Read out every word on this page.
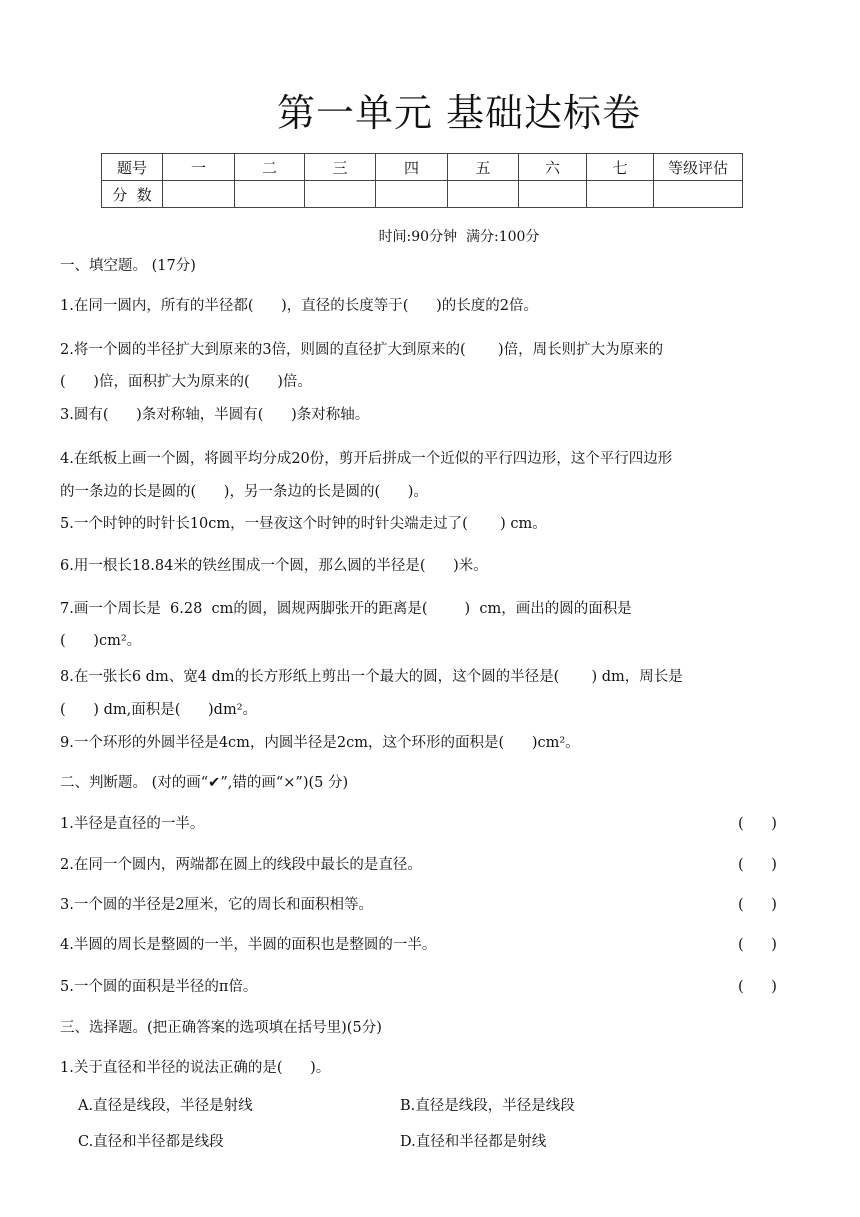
第一单元 基础达标卷
题号	一	二	三	四	五	六	七	等级评估
分  数								
时间:90分钟  满分:100分
一、填空题。 (17分)
1.在同一圆内，所有的半径都(      )，直径的长度等于(      )的长度的2倍。
2.将一个圆的半径扩大到原来的3倍，则圆的直径扩大到原来的(       )倍，周长则扩大为原来的
(      )倍，面积扩大为原来的(      )倍。
3.圆有(      )条对称轴，半圆有(      )条对称轴。
4.在纸板上画一个圆，将圆平均分成20份，剪开后拼成一个近似的平行四边形，这个平行四边形
的一条边的长是圆的(      )，另一条边的长是圆的(      )。
5.一个时钟的时针长10cm，一昼夜这个时钟的时针尖端走过了(       ) cm。
6.用一根长18.84米的铁丝围成一个圆，那么圆的半径是(      )米。
7.画一个周长是  6.28  cm的圆，圆规两脚张开的距离是(        )  cm，画出的圆的面积是
(      )cm²。
8.在一张长6 dm、宽4 dm的长方形纸上剪出一个最大的圆，这个圆的半径是(       ) dm，周长是
(      ) dm,面积是(      )dm²。
9.一个环形的外圆半径是4cm，内圆半径是2cm，这个环形的面积是(      )cm²。
二、判断题。 (对的画“✔”,错的画“×”)(5 分)
1.半径是直径的一半。	(      )
2.在同一个圆内，两端都在圆上的线段中最长的是直径。	(      )
3.一个圆的半径是2厘米，它的周长和面积相等。	(      )
4.半圆的周长是整圆的一半，半圆的面积也是整圆的一半。	(      )
5.一个圆的面积是半径的π倍。	(      )
三、选择题。(把正确答案的选项填在括号里)(5分)
1.关于直径和半径的说法正确的是(      )。
A.直径是线段，半径是射线	B.直径是线段，半径是线段
C.直径和半径都是线段	D.直径和半径都是射线
